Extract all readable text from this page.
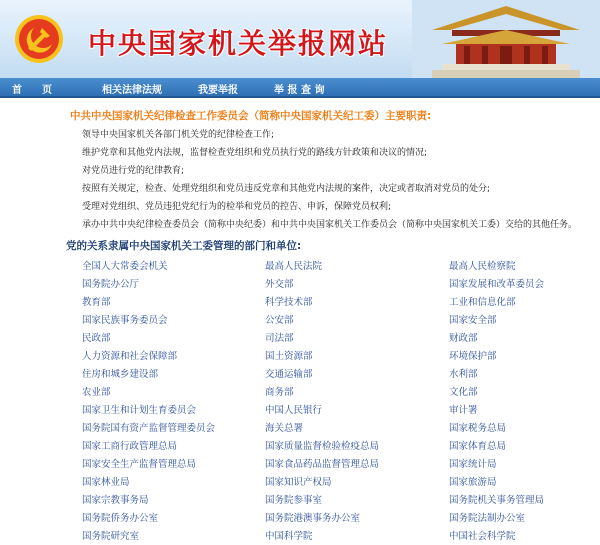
中央国家机关举报网站
首　　页	相关法律法规	我要举报	举 报 查 询
中共中央国家机关纪律检查工作委员会（简称中央国家机关纪工委）主要职责:
领导中央国家机关各部门机关党的纪律检查工作;
维护党章和其他党内法规，监督检查党组织和党员执行党的路线方针政策和决议的情况;
对党员进行党的纪律教育;
按照有关规定，检查、处理党组织和党员违反党章和其他党内法规的案件，决定或者取消对党员的处分;
受理对党组织、党员违犯党纪行为的检举和党员的控告、申诉，保障党员权利;
承办中共中央纪律检查委员会（简称中央纪委）和中共中央国家机关工作委员会（简称中央国家机关工委）交给的其他任务。
党的关系隶属中央国家机关工委管理的部门和单位:
全国人大常委会机关	最高人民法院	最高人民检察院
国务院办公厅	外交部	国家发展和改革委员会
教育部	科学技术部	工业和信息化部
国家民族事务委员会	公安部	国家安全部
民政部	司法部	财政部
人力资源和社会保障部	国土资源部	环境保护部
住房和城乡建设部	交通运输部	水利部
农业部	商务部	文化部
国家卫生和计划生育委员会	中国人民银行	审计署
国务院国有资产监督管理委员会	海关总署	国家税务总局
国家工商行政管理总局	国家质量监督检验检疫总局	国家体育总局
国家安全生产监督管理总局	国家食品药品监督管理总局	国家统计局
国家林业局	国家知识产权局	国家旅游局
国家宗教事务局	国务院参事室	国务院机关事务管理局
国务院侨务办公室	国务院港澳事务办公室	国务院法制办公室
国务院研究室	中国科学院	中国社会科学院
